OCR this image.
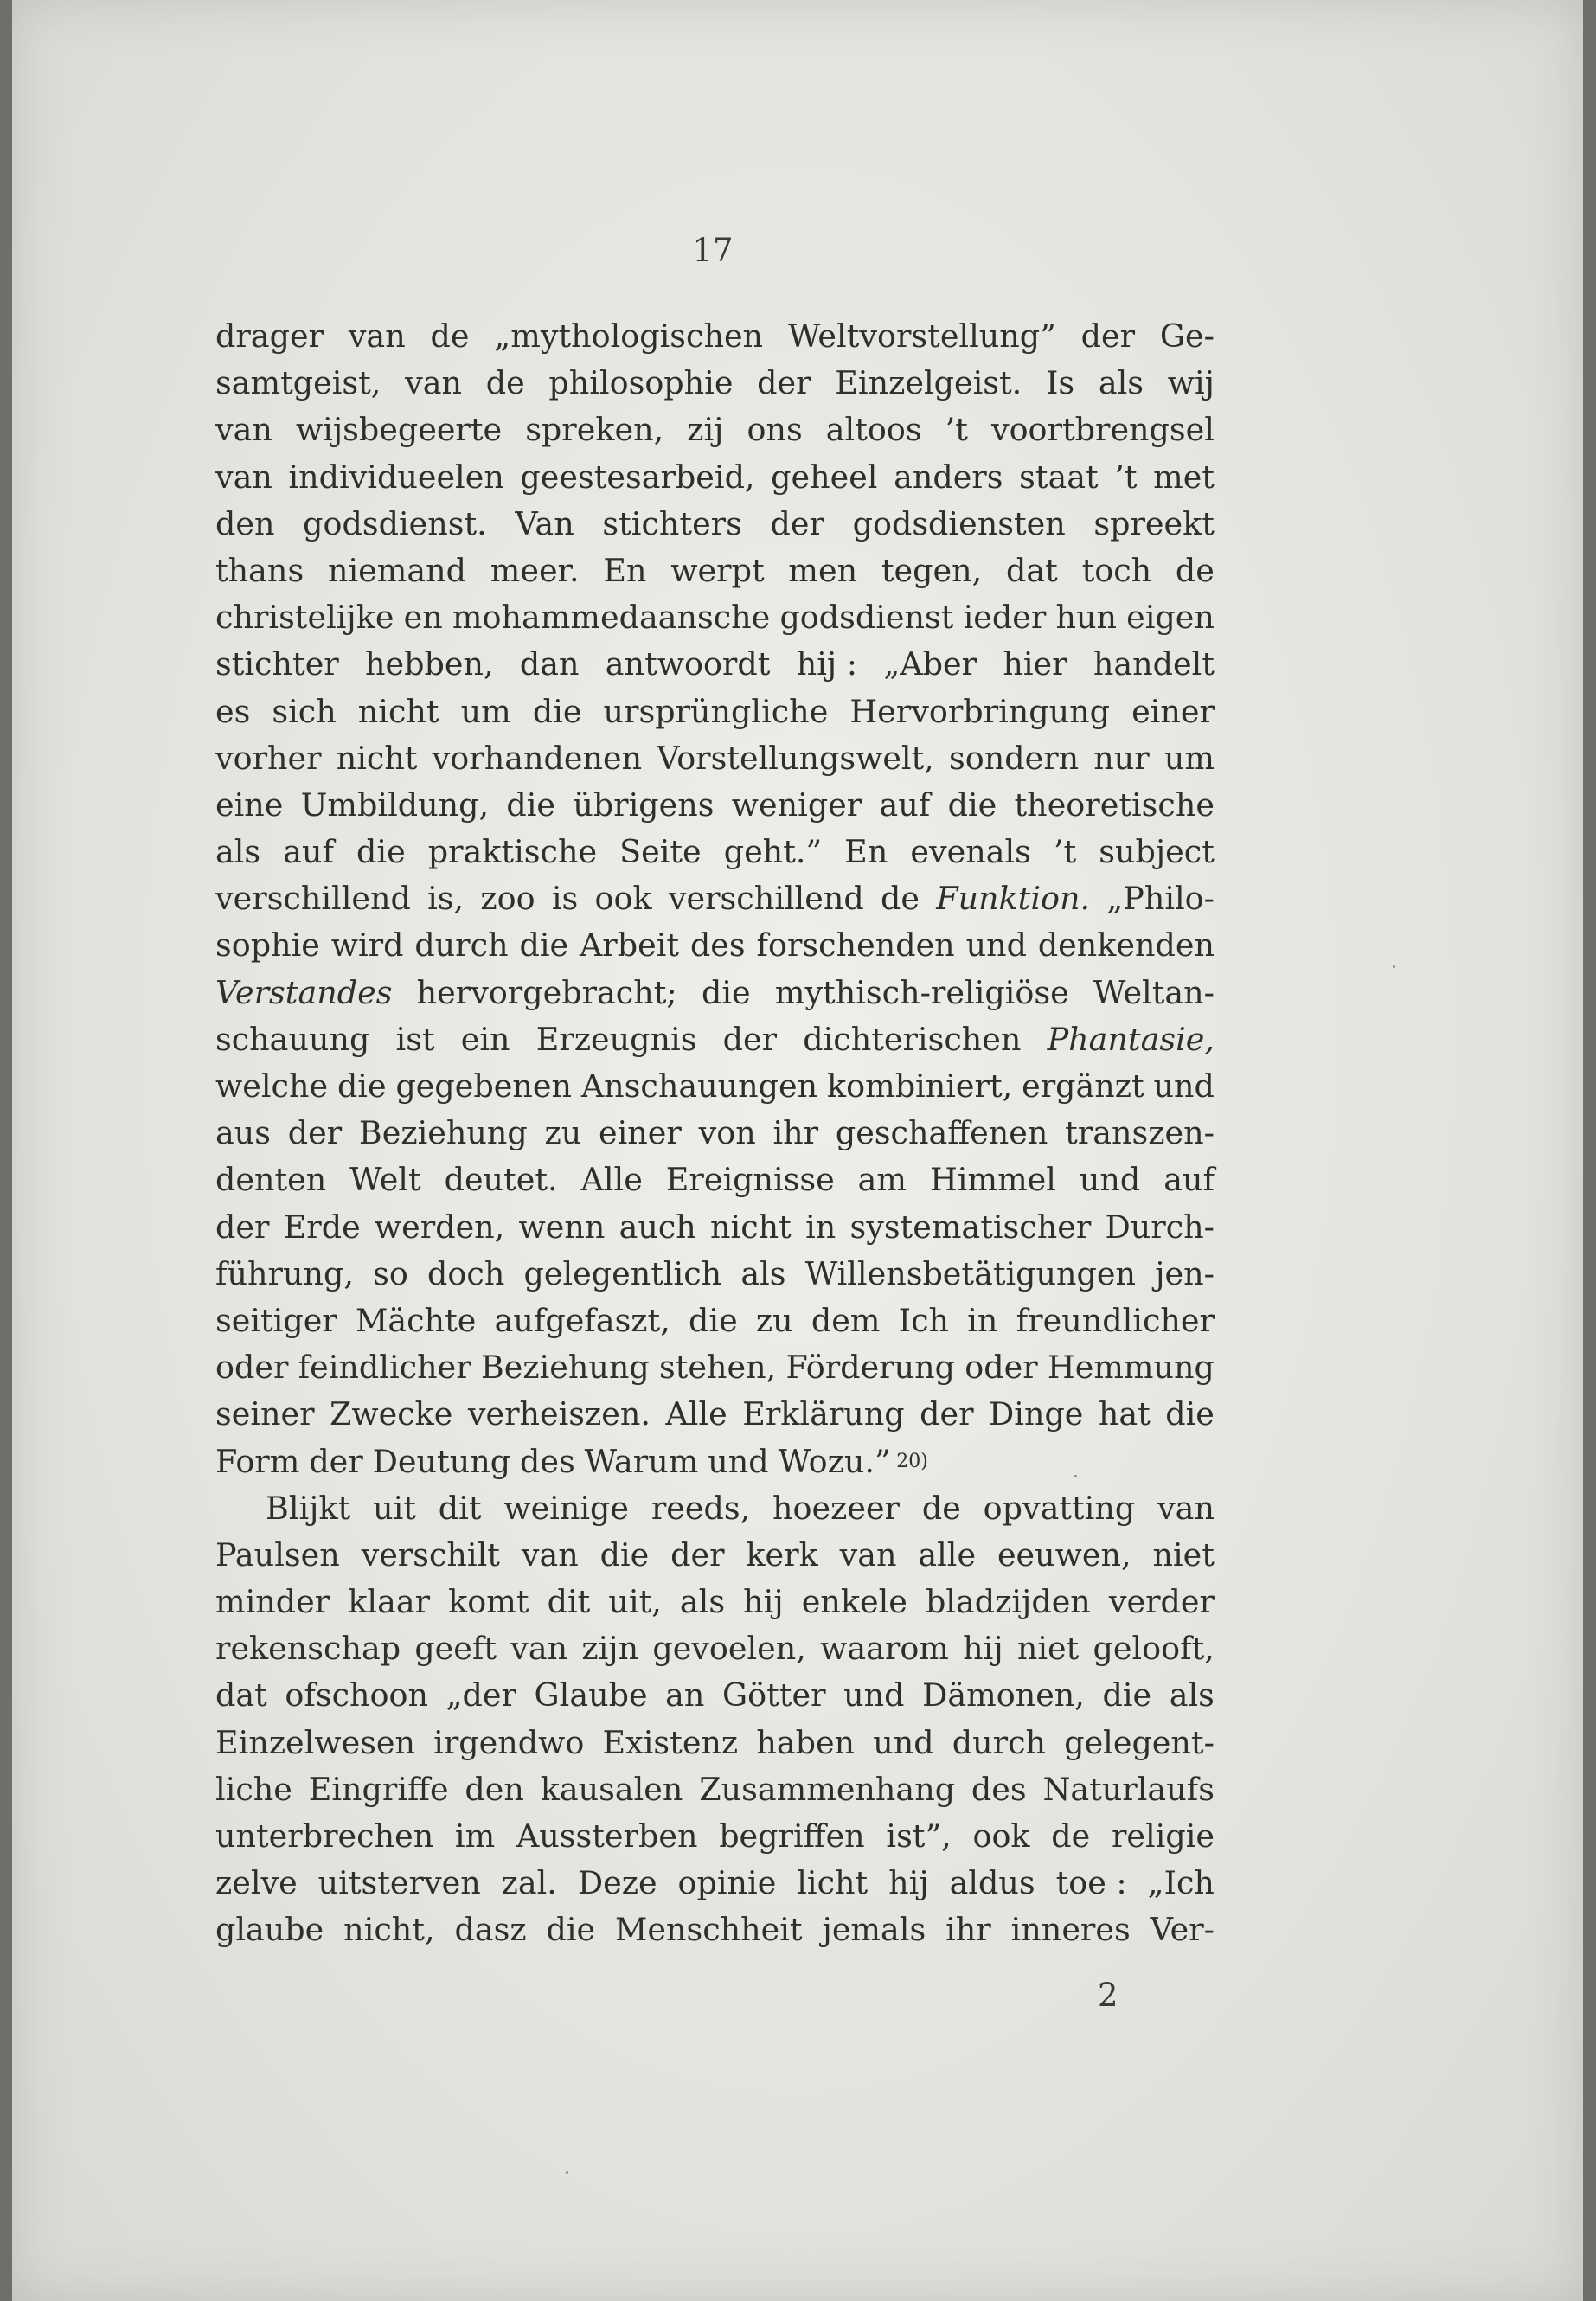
17
drager van de „mythologischen Weltvorstellung” der Ge-
samtgeist, van de philosophie der Einzelgeist. Is als wij
van wijsbegeerte spreken, zij ons altoos ’t voortbrengsel
van individueelen geestesarbeid, geheel anders staat ’t met
den godsdienst. Van stichters der godsdiensten spreekt
thans niemand meer. En werpt men tegen, dat toch de
christelijke en mohammedaansche godsdienst ieder hun eigen
stichter hebben, dan antwoordt hij : „Aber hier handelt
es sich nicht um die ursprüngliche Hervorbringung einer
vorher nicht vorhandenen Vorstellungswelt, sondern nur um
eine Umbildung, die übrigens weniger auf die theoretische
als auf die praktische Seite geht.” En evenals ’t subject
verschillend is, zoo is ook verschillend de Funktion. „Philo-
sophie wird durch die Arbeit des forschenden und denkenden
Verstandes hervorgebracht; die mythisch-religiöse Weltan-
schauung ist ein Erzeugnis der dichterischen Phantasie,
welche die gegebenen Anschauungen kombiniert, ergänzt und
aus der Beziehung zu einer von ihr geschaffenen transzen-
denten Welt deutet. Alle Ereignisse am Himmel und auf
der Erde werden, wenn auch nicht in systematischer Durch-
führung, so doch gelegentlich als Willensbetätigungen jen-
seitiger Mächte aufgefaszt, die zu dem Ich in freundlicher
oder feindlicher Beziehung stehen, Förderung oder Hemmung
seiner Zwecke verheiszen. Alle Erklärung der Dinge hat die
Form der Deutung des Warum und Wozu.” 20)
Blijkt uit dit weinige reeds, hoezeer de opvatting van
Paulsen verschilt van die der kerk van alle eeuwen, niet
minder klaar komt dit uit, als hij enkele bladzijden verder
rekenschap geeft van zijn gevoelen, waarom hij niet gelooft,
dat ofschoon „der Glaube an Götter und Dämonen, die als
Einzelwesen irgendwo Existenz haben und durch gelegent-
liche Eingriffe den kausalen Zusammenhang des Naturlaufs
unterbrechen im Aussterben begriffen ist”, ook de religie
zelve uitsterven zal. Deze opinie licht hij aldus toe : „Ich
glaube nicht, dasz die Menschheit jemals ihr inneres Ver-
2
